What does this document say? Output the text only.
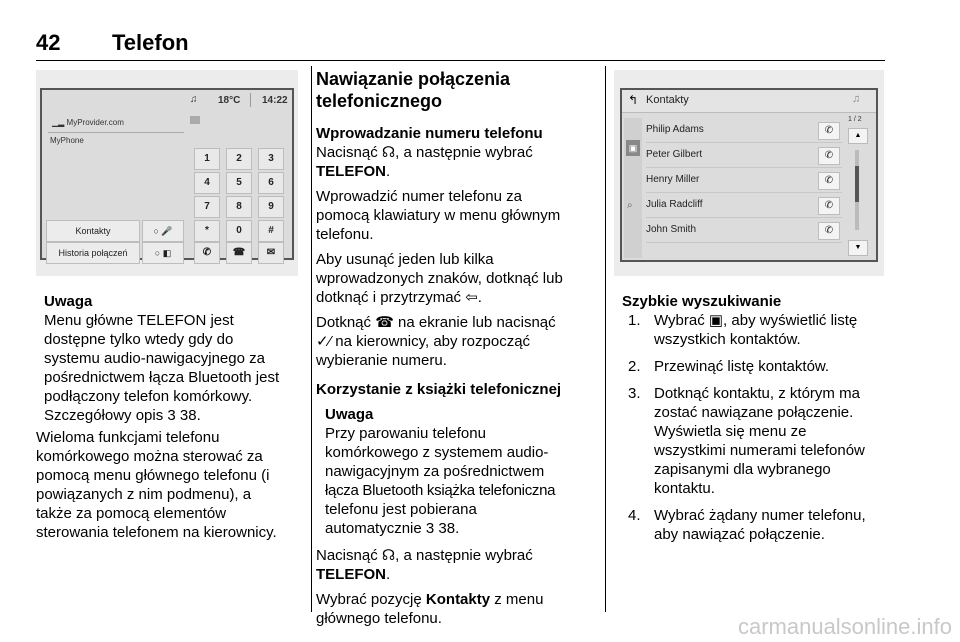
42 Telefon
♫ 18°C 14:22
▁▂ MyProvider.com
MyPhone
1	2	3
4	5	6
7	8	9
*	0	#
✆	☎	✉
Kontakty	○ 🎤
Historia połączeń	○ ◧
Uwaga
Menu główne TELEFON jest
dostępne tylko wtedy gdy do
systemu audio-nawigacyjnego za
pośrednictwem łącza Bluetooth jest
podłączony telefon komórkowy.
Szczegółowy opis 3 38.
Wieloma funkcjami telefonu
komórkowego można sterować za
pomocą menu głównego telefonu (i
powiązanych z nim podmenu), a
także za pomocą elementów
sterowania telefonem na kierownicy.
Nawiązanie połączenia
telefonicznego
Wprowadzanie numeru telefonu
Nacisnąć ☊, a następnie wybrać
TELEFON.
Wprowadzić numer telefonu za
pomocą klawiatury w menu głównym
telefonu.
Aby usunąć jeden lub kilka
wprowadzonych znaków, dotknąć lub
dotknąć i przytrzymać ⇦.
Dotknąć ☎ na ekranie lub nacisnąć
✓⁄ na kierownicy, aby rozpocząć
wybieranie numeru.
Korzystanie z książki telefonicznej
Uwaga
Przy parowaniu telefonu
komórkowego z systemem audio-
nawigacyjnym za pośrednictwem
łącza Bluetooth książka telefoniczna
telefonu jest pobierana
automatycznie 3 38.
Nacisnąć ☊, a następnie wybrać
TELEFON.
Wybrać pozycję Kontakty z menu
głównego telefonu.
↰ Kontakty	♫
▣
⌕
Philip Adams	✆
Peter Gilbert	✆
Henry Miller	✆
Julia Radcliff	✆
John Smith	✆
1 / 2
▲
▼
Szybkie wyszukiwanie
1. Wybrać ▣, aby wyświetlić listę
wszystkich kontaktów.
2. Przewinąć listę kontaktów.
3. Dotknąć kontaktu, z którym ma
zostać nawiązane połączenie.
Wyświetla się menu ze
wszystkimi numerami telefonów
zapisanymi dla wybranego
kontaktu.
4. Wybrać żądany numer telefonu,
aby nawiązać połączenie.
carmanualsonline.info
